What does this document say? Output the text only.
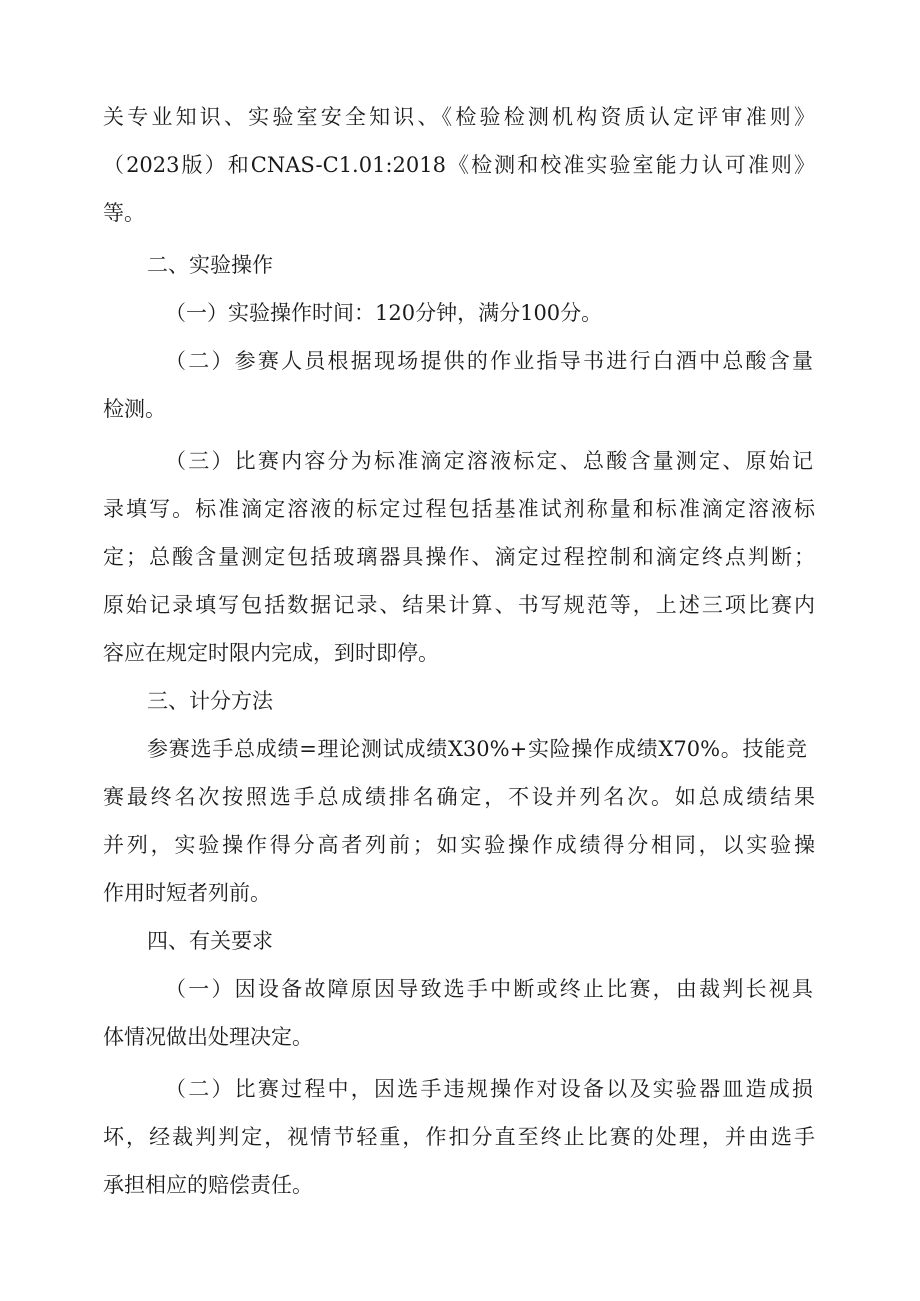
关专业知识、实验室安全知识、《检验检测机构资质认定评审准则》
（2023版）和CNAS-C1.01:2018《检测和校准实验室能力认可准则》
等。
二、实验操作
（一）实验操作时间：120分钟，满分100分。
（二）参赛人员根据现场提供的作业指导书进行白酒中总酸含量
检测。
（三）比赛内容分为标准滴定溶液标定、总酸含量测定、原始记
录填写。标准滴定溶液的标定过程包括基准试剂称量和标准滴定溶液标
定；总酸含量测定包括玻璃器具操作、滴定过程控制和滴定终点判断；
原始记录填写包括数据记录、结果计算、书写规范等，上述三项比赛内
容应在规定时限内完成，到时即停。
三、计分方法
参赛选手总成绩=理论测试成绩X30%+实险操作成绩X70%。技能竞
赛最终名次按照选手总成绩排名确定，不设并列名次。如总成绩结果
并列，实验操作得分高者列前；如实验操作成绩得分相同，以实验操
作用时短者列前。
四、有关要求
（一）因设备故障原因导致选手中断或终止比赛，由裁判长视具
体情况做出处理决定。
（二）比赛过程中，因选手违规操作对设备以及实验器皿造成损
坏，经裁判判定，视情节轻重，作扣分直至终止比赛的处理，并由选手
承担相应的赔偿责任。
